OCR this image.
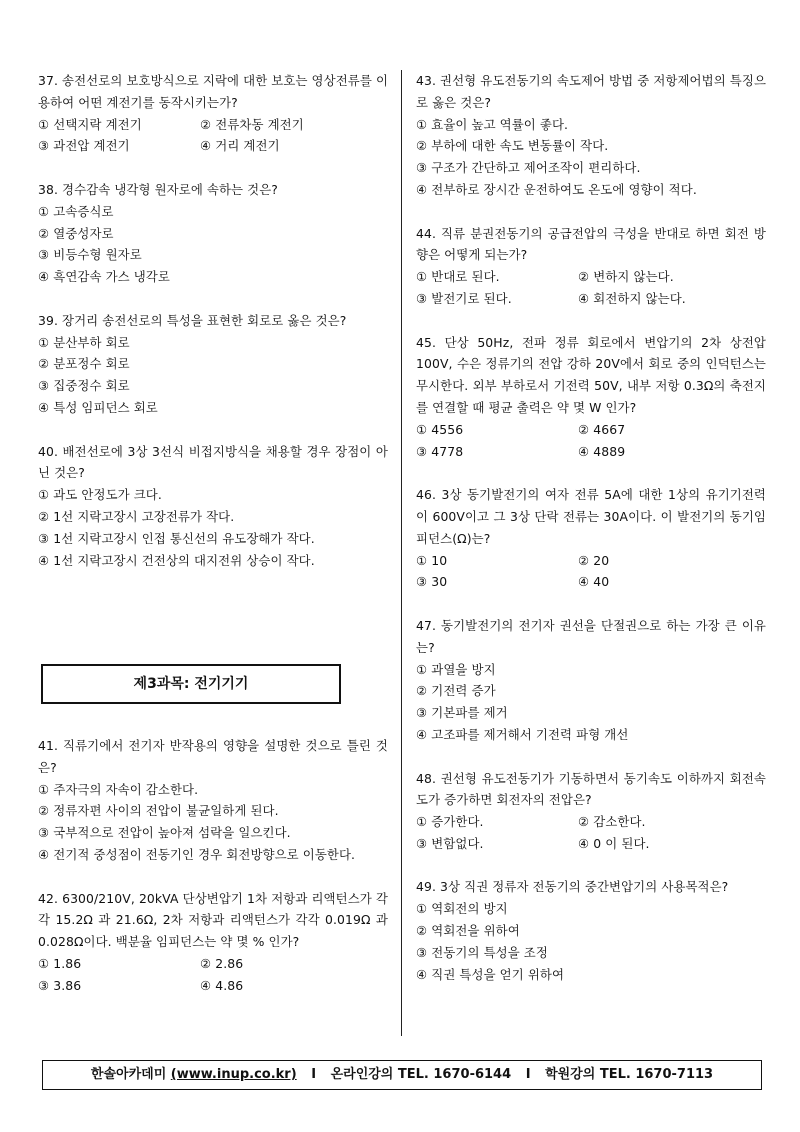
37. 송전선로의 보호방식으로 지락에 대한 보호는 영상전류를 이용하여 어떤 계전기를 동작시키는가?
① 선택지락 계전기	② 전류차동 계전기
③ 과전압 계전기	④ 거리 계전기
38. 경수감속 냉각형 원자로에 속하는 것은?
① 고속증식로
② 열중성자로
③ 비등수형 원자로
④ 흑연감속 가스 냉각로
39. 장거리 송전선로의 특성을 표현한 회로로 옳은 것은?
① 분산부하 회로
② 분포정수 회로
③ 집중정수 회로
④ 특성 임피던스 회로
40. 배전선로에 3상 3선식 비접지방식을 채용할 경우 장점이 아닌 것은?
① 과도 안정도가 크다.
② 1선 지락고장시 고장전류가 작다.
③ 1선 지락고장시 인접 통신선의 유도장해가 작다.
④ 1선 지락고장시 건전상의 대지전위 상승이 작다.
41. 직류기에서 전기자 반작용의 영향을 설명한 것으로 틀린 것은?
① 주자극의 자속이 감소한다.
② 정류자편 사이의 전압이 불균일하게 된다.
③ 국부적으로 전압이 높아져 섬락을 일으킨다.
④ 전기적 중성점이 전동기인 경우 회전방향으로 이동한다.
42. 6300/210V, 20kVA 단상변압기 1차 저항과 리액턴스가 각각 15.2Ω 과 21.6Ω, 2차 저항과 리액턴스가 각각 0.019Ω 과 0.028Ω이다. 백분율 임피던스는 약 몇 % 인가?
① 1.86	② 2.86
③ 3.86	④ 4.86
43. 권선형 유도전동기의 속도제어 방법 중 저항제어법의 특징으로 옳은 것은?
① 효율이 높고 역률이 좋다.
② 부하에 대한 속도 변동률이 작다.
③ 구조가 간단하고 제어조작이 편리하다.
④ 전부하로 장시간 운전하여도 온도에 영향이 적다.
44. 직류 분권전동기의 공급전압의 극성을 반대로 하면 회전 방향은 어떻게 되는가?
① 반대로 된다.	② 변하지 않는다.
③ 발전기로 된다.	④ 회전하지 않는다.
45. 단상 50Hz, 전파 정류 회로에서 변압기의 2차 상전압 100V, 수은 정류기의 전압 강하 20V에서 회로 중의 인덕턴스는 무시한다. 외부 부하로서 기전력 50V, 내부 저항 0.3Ω의 축전지를 연결할 때 평균 출력은 약 몇 W 인가?
① 4556	② 4667
③ 4778	④ 4889
46. 3상 동기발전기의 여자 전류 5A에 대한 1상의 유기기전력이 600V이고 그 3상 단락 전류는 30A이다. 이 발전기의 동기임피던스(Ω)는?
① 10	② 20
③ 30	④ 40
47. 동기발전기의 전기자 권선을 단절권으로 하는 가장 큰 이유는?
① 과열을 방지
② 기전력 증가
③ 기본파를 제거
④ 고조파를 제거해서 기전력 파형 개선
48. 권선형 유도전동기가 기동하면서 동기속도 이하까지 회전속도가 증가하면 회전자의 전압은?
① 증가한다.	② 감소한다.
③ 변함없다.	④ 0 이 된다.
49. 3상 직권 정류자 전동기의 중간변압기의 사용목적은?
① 역회전의 방지
② 역회전을 위하여
③ 전동기의 특성을 조정
④ 직권 특성을 얻기 위하여
제3과목: 전기기기
한솔아카데미 (www.inup.co.kr) I 온라인강의 TEL. 1670-6144 I 학원강의 TEL. 1670-7113
